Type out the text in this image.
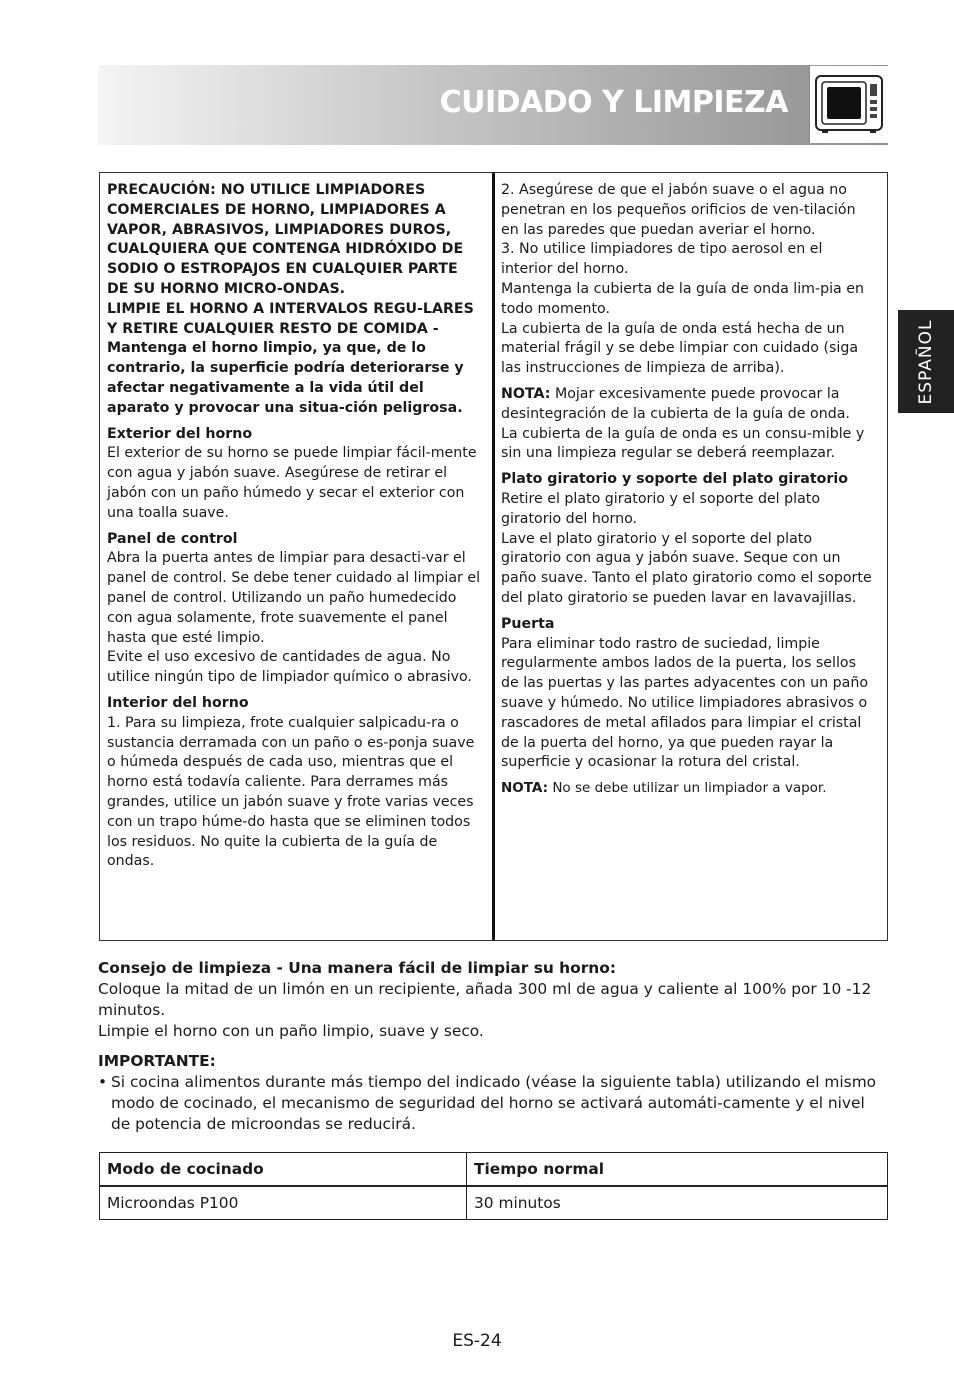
CUIDADO Y LIMPIEZA
ESPAÑOL

PRECAUCIÓN: NO UTILICE LIMPIADORES COMERCIALES DE HORNO, LIMPIADORES A VAPOR, ABRASIVOS, LIMPIADORES DUROS, CUALQUIERA QUE CONTENGA HIDRÓXIDO DE SODIO O ESTROPAJOS EN CUALQUIER PARTE DE SU HORNO MICRO-ONDAS.

LIMPIE EL HORNO A INTERVALOS REGU-LARES Y RETIRE CUALQUIER RESTO DE COMIDA - Mantenga el horno limpio, ya que, de lo contrario, la superficie podría deteriorarse y afectar negativamente a la vida útil del aparato y provocar una situa-ción peligrosa.

Exterior del horno

El exterior de su horno se puede limpiar fácil-mente con agua y jabón suave. Asegúrese de retirar el jabón con un paño húmedo y secar el exterior con una toalla suave.

Panel de control

Abra la puerta antes de limpiar para desacti-var el panel de control. Se debe tener cuidado al limpiar el panel de control. Utilizando un paño humedecido con agua solamente, frote suavemente el panel hasta que esté limpio.

Evite el uso excesivo de cantidades de agua. No utilice ningún tipo de limpiador químico o abrasivo.

Interior del horno

1. Para su limpieza, frote cualquier salpicadu-ra o sustancia derramada con un paño o es-ponja suave o húmeda después de cada uso, mientras que el horno está todavía caliente. Para derrames más grandes, utilice un jabón suave y frote varias veces con un trapo húme-do hasta que se eliminen todos los residuos. No quite la cubierta de la guía de ondas.

2. Asegúrese de que el jabón suave o el agua no penetran en los pequeños orificios de ven-tilación en las paredes que puedan averiar el horno.

3. No utilice limpiadores de tipo aerosol en el interior del horno.

Mantenga la cubierta de la guía de onda lim-pia en todo momento.

La cubierta de la guía de onda está hecha de un material frágil y se debe limpiar con cuidado (siga las instrucciones de limpieza de arriba).

NOTA: Mojar excesivamente puede provocar la desintegración de la cubierta de la guía de onda.

La cubierta de la guía de onda es un consu-mible y sin una limpieza regular se deberá reemplazar.

Plato giratorio y soporte del plato giratorio

Retire el plato giratorio y el soporte del plato giratorio del horno.

Lave el plato giratorio y el soporte del plato giratorio con agua y jabón suave. Seque con un paño suave. Tanto el plato giratorio como el soporte del plato giratorio se pueden lavar en lavavajillas.

Puerta

Para eliminar todo rastro de suciedad, limpie regularmente ambos lados de la puerta, los sellos de las puertas y las partes adyacentes con un paño suave y húmedo. No utilice limpiadores abrasivos o rascadores de metal afilados para limpiar el cristal de la puerta del horno, ya que pueden rayar la superficie y ocasionar la rotura del cristal.

NOTA: No se debe utilizar un limpiador a vapor.

Consejo de limpieza - Una manera fácil de limpiar su horno:

Coloque la mitad de un limón en un recipiente, añada 300 ml de agua y caliente al 100% por 10 -12 minutos.

Limpie el horno con un paño limpio, suave y seco.

IMPORTANTE:

• Si cocina alimentos durante más tiempo del indicado (véase la siguiente tabla) utilizando el mismo modo de cocinado, el mecanismo de seguridad del horno se activará automáti-camente y el nivel de potencia de microondas se reducirá.
Modo de cocinado	Tiempo normal
Microondas P100	30 minutos
ES-24
